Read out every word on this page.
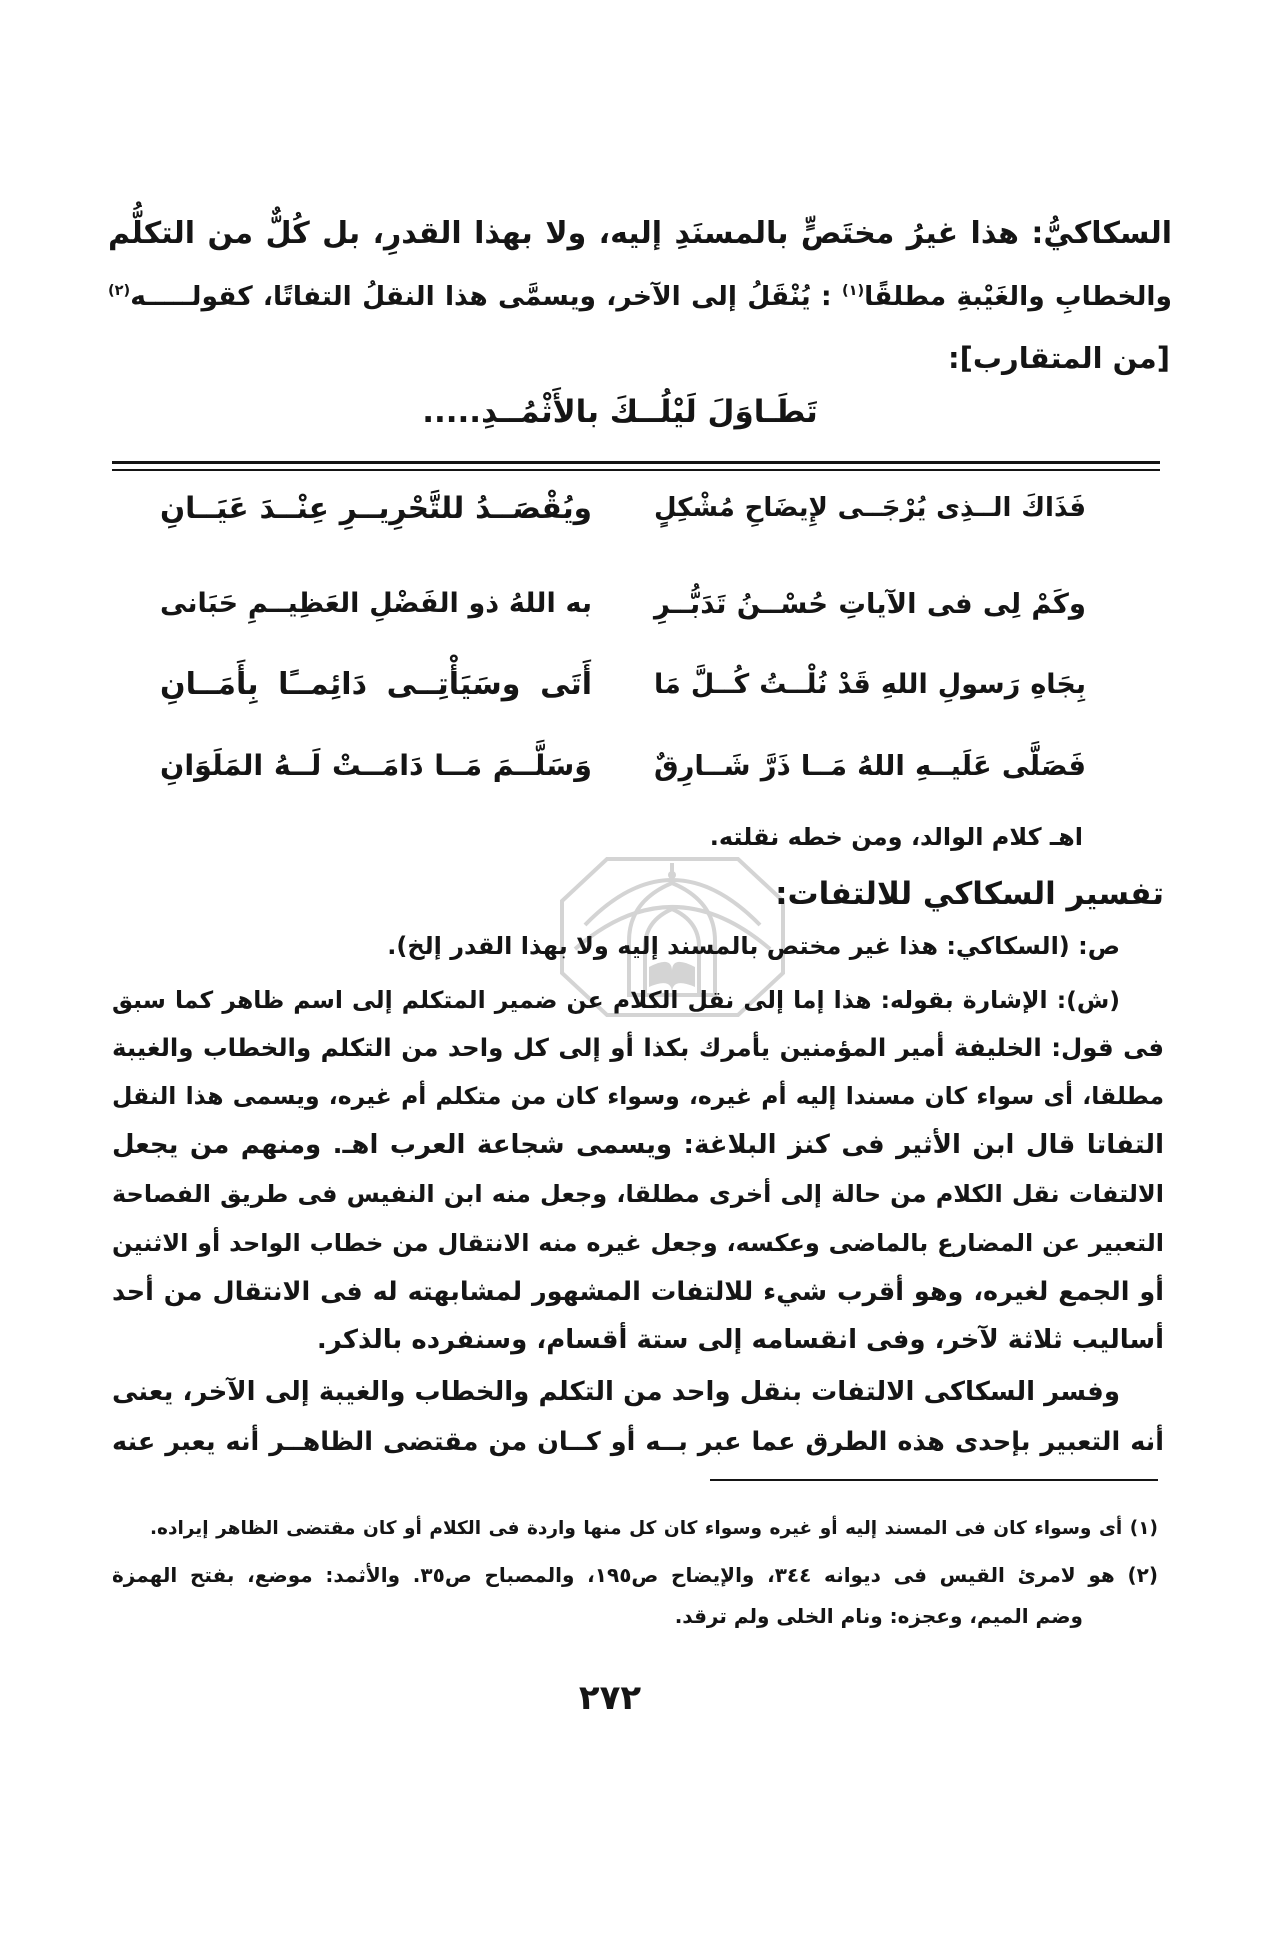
السكاكيُّ: هذا غيرُ مختَصٍّ بالمسنَدِ إليه، ولا بهذا القدرِ، بل كُلٌّ من التكلُّم
والخطابِ والغَيْبةِ مطلقًا$^{(١)}$ : يُنْقَلُ إلى الآخر، ويسمَّى هذا النقلُ التفاتًا، كقولـــــه$^{(٢)}$
[من المتقارب]:
تَطَـاوَلَ لَيْلُــكَ بالأَثْمُــدِ.....
فَذَاكَ الــذِى يُرْجَــى لإِيضَاحِ مُشْكِلٍ
ويُقْصَــدُ للتَّحْرِيــرِ عِنْــدَ عَيَــانِ
وكَمْ لِى فى الآياتِ حُسْــنُ تَدَبُّــرِ
به اللهُ ذو الفَضْلِ العَظِيــمِ حَبَانى
بِجَاهِ رَسولِ اللهِ قَدْ نُلْــتُ كُــلَّ مَا
أَتَى وسَيَأْتِــى دَائِمــًا بِأَمَــانِ
فَصَلَّى عَلَيــهِ اللهُ مَــا ذَرَّ شَــارِقٌ
وَسَلَّــمَ مَــا دَامَــتْ لَــهُ المَلَوَانِ
اهـ كلام الوالد، ومن خطه نقلته.
تفسير السكاكي للالتفات:
ص: (السكاكي: هذا غير مختص بالمسند إليه ولا بهذا القدر إلخ).
(ش): الإشارة بقوله: هذا إما إلى نقل الكلام عن ضمير المتكلم إلى اسم ظاهر كما سبق
فى قول: الخليفة أمير المؤمنين يأمرك بكذا أو إلى كل واحد من التكلم والخطاب والغيبة
مطلقا، أى سواء كان مسندا إليه أم غيره، وسواء كان من متكلم أم غيره، ويسمى هذا النقل
التفاتا قال ابن الأثير فى كنز البلاغة: ويسمى شجاعة العرب اهـ. ومنهم من يجعل
الالتفات نقل الكلام من حالة إلى أخرى مطلقا، وجعل منه ابن النفيس فى طريق الفصاحة
التعبير عن المضارع بالماضى وعكسه، وجعل غيره منه الانتقال من خطاب الواحد أو الاثنين
أو الجمع لغيره، وهو أقرب شيء للالتفات المشهور لمشابهته له فى الانتقال من أحد
أساليب ثلاثة لآخر، وفى انقسامه إلى ستة أقسام، وسنفرده بالذكر.
وفسر السكاكى الالتفات بنقل واحد من التكلم والخطاب والغيبة إلى الآخر، يعنى
أنه التعبير بإحدى هذه الطرق عما عبر بــه أو كــان من مقتضى الظاهــر أنه يعبر عنه
(١) أى وسواء كان فى المسند إليه أو غيره وسواء كان كل منها واردة فى الكلام أو كان مقتضى الظاهر إيراده.
(٢) هو لامرئ القيس فى ديوانه ٣٤٤، والإيضاح ص١٩٥، والمصباح ص٣٥. والأثمد: موضع، بفتح الهمزة
وضم الميم، وعجزه: ونام الخلى ولم ترقد.
٢٧٢
